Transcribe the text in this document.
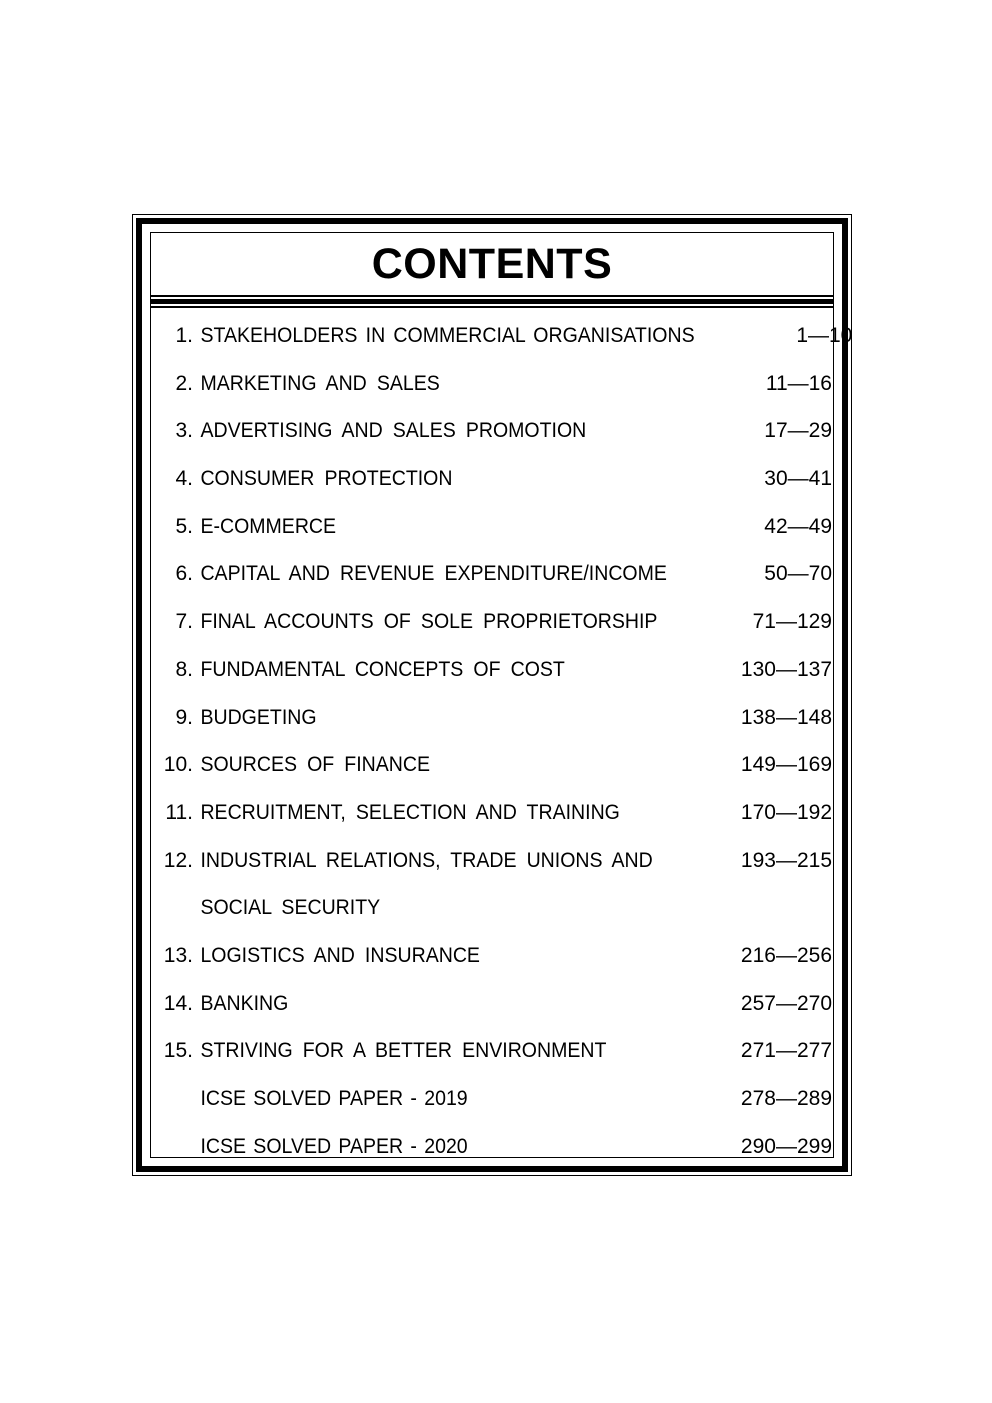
CONTENTS
1. STAKEHOLDERS IN COMMERCIAL ORGANISATIONS	1—10
2. MARKETING AND SALES	11—16
3. ADVERTISING AND SALES PROMOTION	17—29
4. CONSUMER PROTECTION	30—41
5. E-COMMERCE	42—49
6. CAPITAL AND REVENUE EXPENDITURE/INCOME	50—70
7. FINAL ACCOUNTS OF SOLE PROPRIETORSHIP	71—129
8. FUNDAMENTAL CONCEPTS OF COST	130—137
9. BUDGETING	138—148
10. SOURCES OF FINANCE	149—169
11. RECRUITMENT, SELECTION AND TRAINING	170—192
12. INDUSTRIAL RELATIONS, TRADE UNIONS AND	193—215
SOCIAL SECURITY
13. LOGISTICS AND INSURANCE	216—256
14. BANKING	257—270
15. STRIVING FOR A BETTER ENVIRONMENT	271—277
ICSE SOLVED PAPER - 2019	278—289
ICSE SOLVED PAPER - 2020	290—299
